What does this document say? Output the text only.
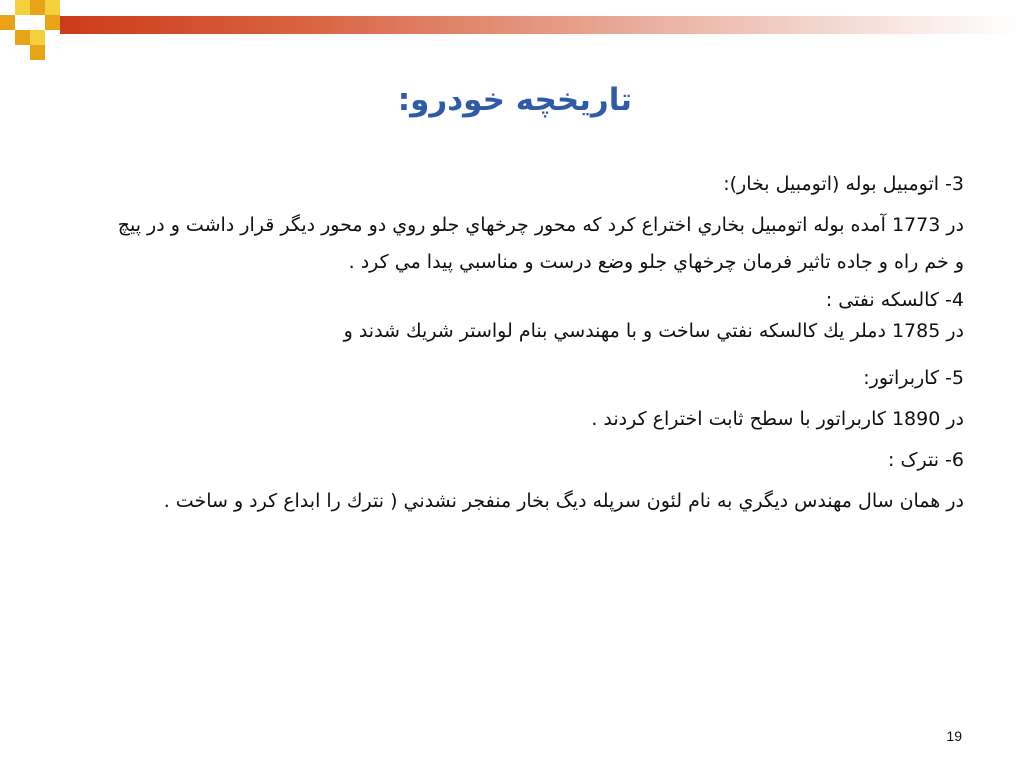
تاریخچه خودرو:

3- اتومبیل بوله (اتومبیل بخار):

در 1773 آمده بوله اتومبيل بخاري اختراع كرد كه محور چرخهاي جلو روي دو محور ديگر قرار داشت و در پيچ و خم راه و جاده تاثير فرمان چرخهاي جلو وضع درست و مناسبي پيدا مي كرد .

4- كالسكه نفتی :

در 1785 دملر يك كالسكه نفتي ساخت و با مهندسي بنام لواستر شريك شدند و

5- کاربراتور:

در 1890 کاربراتور با سطح ثابت اختراع کردند .

6- نترک :

در همان سال مهندس ديگري به نام لئون سرپله ديگ بخار منفجر نشدني ( نترك را ابداع كرد و ساخت .

19
